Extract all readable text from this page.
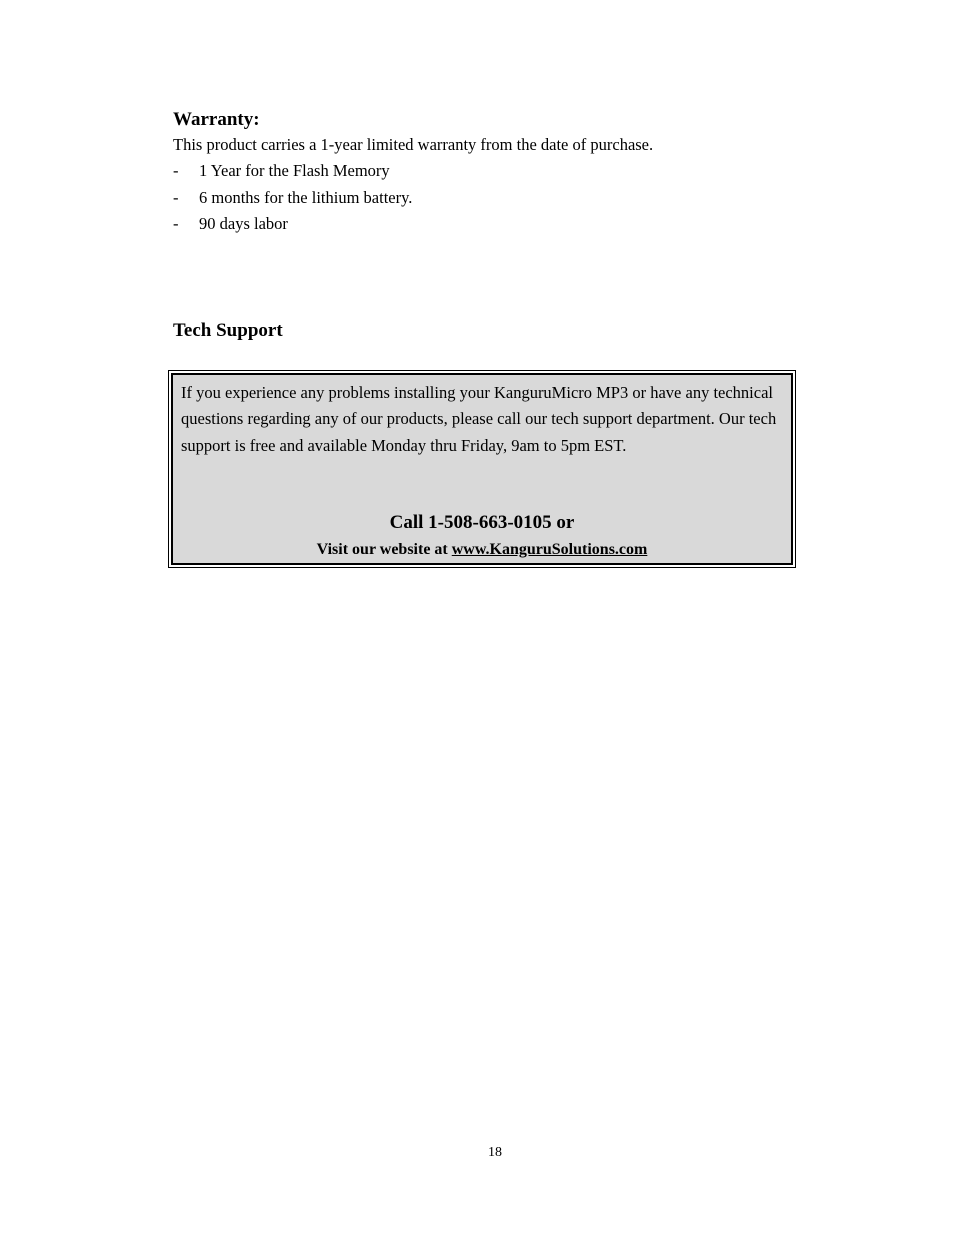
Warranty:

This product carries a 1-year limited warranty from the date of purchase.

- 1 Year for the Flash Memory
- 6 months for the lithium battery.
- 90 days labor
Tech Support

If you experience any problems installing your KanguruMicro MP3 or have any technical questions regarding any of our products, please call our tech support department. Our tech support is free and available Monday thru Friday, 9am to 5pm EST.

Call 1-508-663-0105 or

Visit our website at www.KanguruSolutions.com

18
